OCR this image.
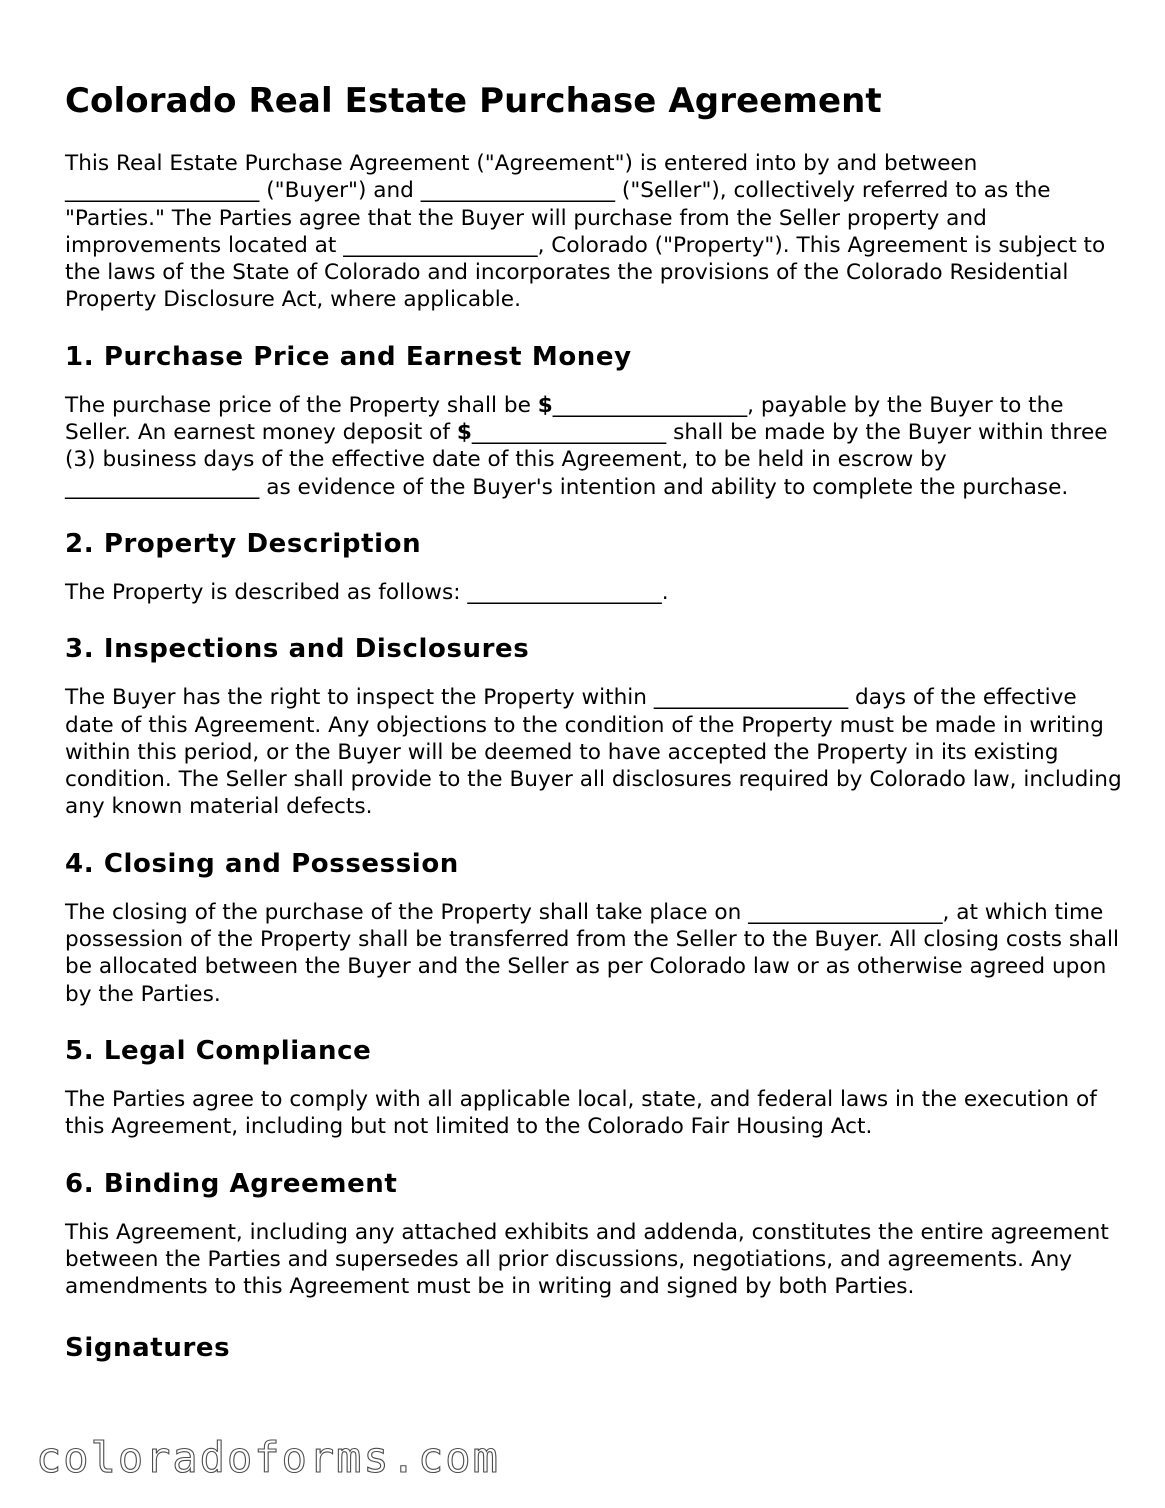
Colorado Real Estate Purchase Agreement

This Real Estate Purchase Agreement ("Agreement") is entered into by and between __________________ ("Buyer") and __________________ ("Seller"), collectively referred to as the "Parties." The Parties agree that the Buyer will purchase from the Seller property and improvements located at __________________, Colorado ("Property"). This Agreement is subject to the laws of the State of Colorado and incorporates the provisions of the Colorado Residential Property Disclosure Act, where applicable.

1. Purchase Price and Earnest Money

The purchase price of the Property shall be $__________________, payable by the Buyer to the Seller. An earnest money deposit of $__________________ shall be made by the Buyer within three (3) business days of the effective date of this Agreement, to be held in escrow by __________________ as evidence of the Buyer's intention and ability to complete the purchase.

2. Property Description

The Property is described as follows: __________________.

3. Inspections and Disclosures

The Buyer has the right to inspect the Property within __________________ days of the effective date of this Agreement. Any objections to the condition of the Property must be made in writing within this period, or the Buyer will be deemed to have accepted the Property in its existing condition. The Seller shall provide to the Buyer all disclosures required by Colorado law, including any known material defects.

4. Closing and Possession

The closing of the purchase of the Property shall take place on __________________, at which time possession of the Property shall be transferred from the Seller to the Buyer. All closing costs shall be allocated between the Buyer and the Seller as per Colorado law or as otherwise agreed upon by the Parties.

5. Legal Compliance

The Parties agree to comply with all applicable local, state, and federal laws in the execution of this Agreement, including but not limited to the Colorado Fair Housing Act.

6. Binding Agreement

This Agreement, including any attached exhibits and addenda, constitutes the entire agreement between the Parties and supersedes all prior discussions, negotiations, and agreements. Any amendments to this Agreement must be in writing and signed by both Parties.

Signatures
coloradoforms.com
